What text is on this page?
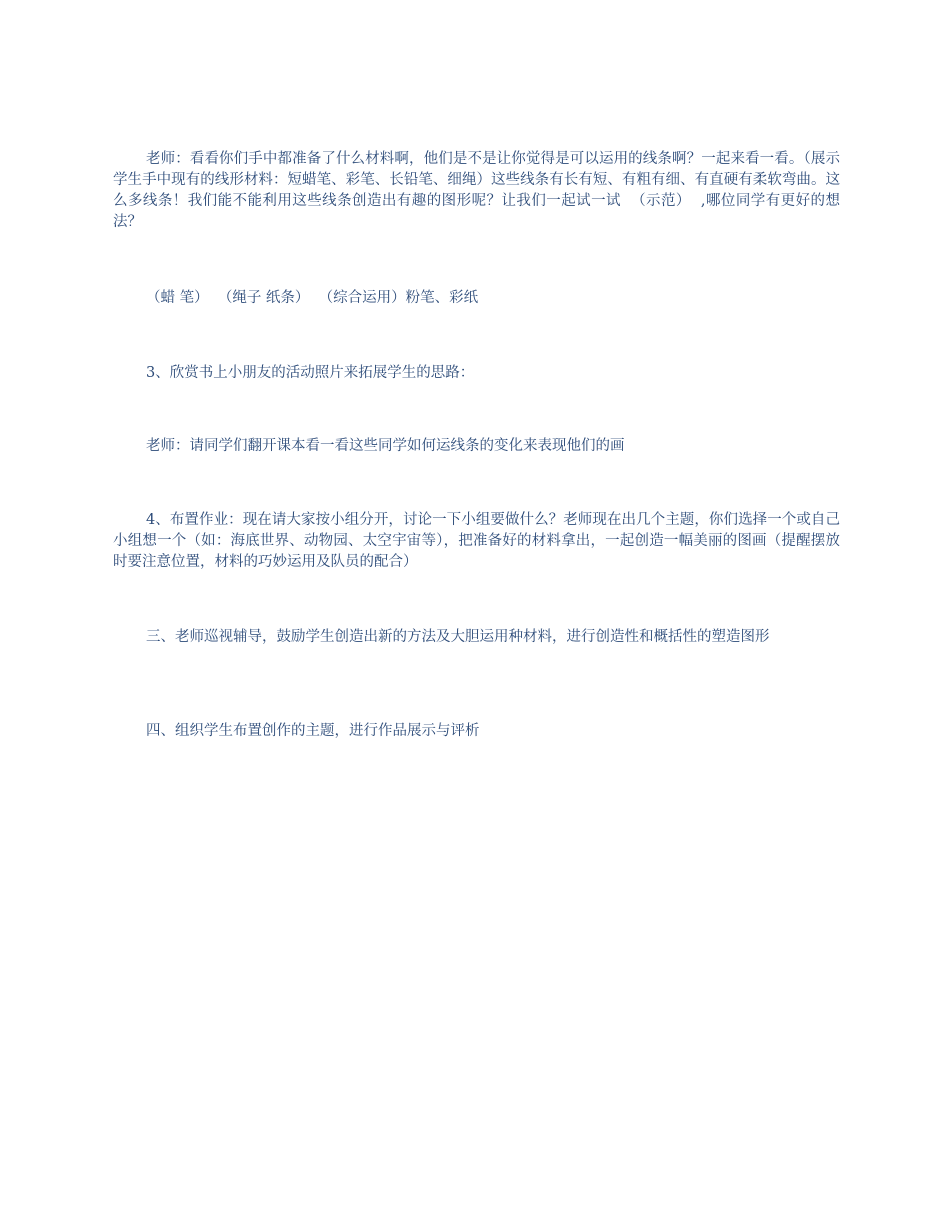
老师：看看你们手中都准备了什么材料啊，他们是不是让你觉得是可以运用的线条啊？一起来看一看。（展示学生手中现有的线形材料：短蜡笔、彩笔、长铅笔、细绳）这些线条有长有短、有粗有细、有直硬有柔软弯曲。这么多线条！我们能不能利用这些线条创造出有趣的图形呢？让我们一起试一试  （示范）  ,哪位同学有更好的想法？

（蜡 笔）  （绳子 纸条）  （综合运用）粉笔、彩纸

3、欣赏书上小朋友的活动照片来拓展学生的思路：

老师：请同学们翻开课本看一看这些同学如何运线条的变化来表现他们的画

4、布置作业：现在请大家按小组分开，讨论一下小组要做什么？老师现在出几个主题，你们选择一个或自己小组想一个（如：海底世界、动物园、太空宇宙等），把准备好的材料拿出，一起创造一幅美丽的图画（提醒摆放时要注意位置，材料的巧妙运用及队员的配合）

三、老师巡视辅导，鼓励学生创造出新的方法及大胆运用种材料，进行创造性和概括性的塑造图形

四、组织学生布置创作的主题，进行作品展示与评析
